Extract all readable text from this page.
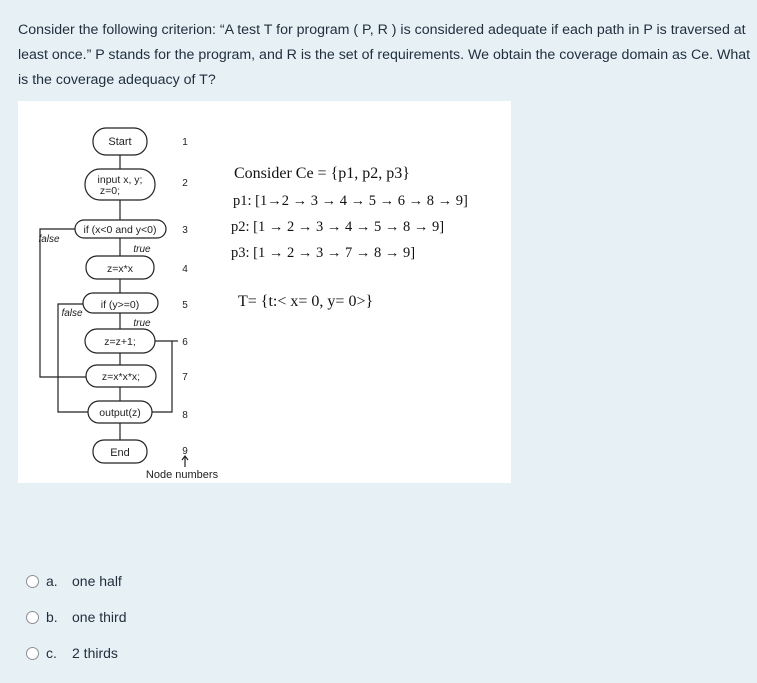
Consider the following criterion: “A test T for program ( P, R ) is considered adequate if each path in P is traversed at least once.” P stands for the program, and R is the set of requirements. We obtain the coverage domain as Ce. What is the coverage adequacy of T?
Start
input x, y;
z=0;
if (x<0 and y<0)
z=x*x
if (y>=0)
z=z+1;
z=x*x*x;
output(z)
End
false
true
false
true
1
2
3
4
5
6
7
8
9
Node numbers
Consider Ce = {p1, p2, p3}
p1: [1→2 → 3 → 4 → 5 → 6 → 8 → 9]
p2: [1 → 2 → 3 → 4 → 5 → 8 → 9]
p3: [1 → 2 → 3 → 7 → 8 → 9]
T= {t:< x= 0, y= 0>}
a.	one half
b.	one third
c.	2 thirds
